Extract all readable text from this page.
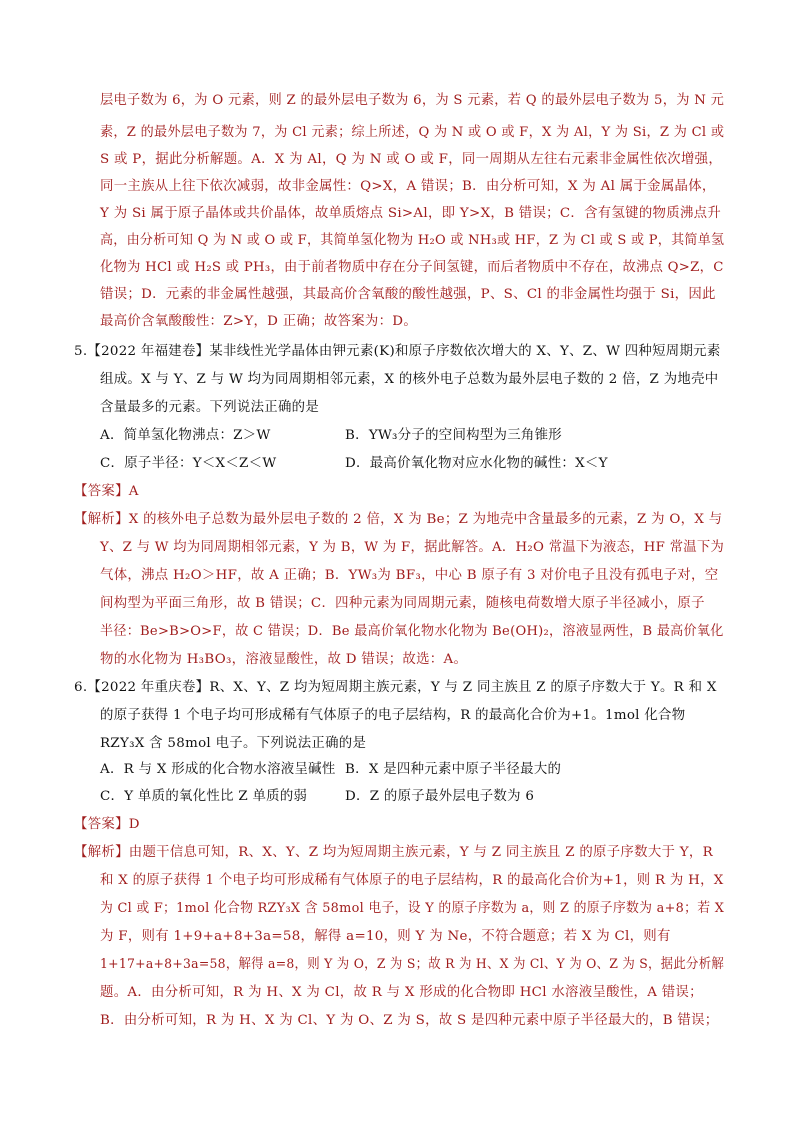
层电子数为 6，为 O 元素，则 Z 的最外层电子数为 6，为 S 元素，若 Q 的最外层电子数为 5，为 N 元
素，Z 的最外层电子数为 7，为 Cl 元素；综上所述，Q 为 N 或 O 或 F，X 为 Al，Y 为 Si，Z 为 Cl 或
S 或 P，据此分析解题。A．X 为 Al，Q 为 N 或 O 或 F，同一周期从左往右元素非金属性依次增强，
同一主族从上往下依次减弱，故非金属性：Q>X，A 错误；B．由分析可知，X 为 Al 属于金属晶体，
Y 为 Si 属于原子晶体或共价晶体，故单质熔点 Si>Al，即 Y>X，B 错误；C．含有氢键的物质沸点升
高，由分析可知 Q 为 N 或 O 或 F，其简单氢化物为 H₂O 或 NH₃或 HF，Z 为 Cl 或 S 或 P，其简单氢
化物为 HCl 或 H₂S 或 PH₃，由于前者物质中存在分子间氢键，而后者物质中不存在，故沸点 Q>Z，C
错误；D．元素的非金属性越强，其最高价含氧酸的酸性越强，P、S、Cl 的非金属性均强于 Si，因此
最高价含氧酸酸性：Z>Y，D 正确；故答案为：D。
5.【2022 年福建卷】某非线性光学晶体由钾元素(K)和原子序数依次增大的 X、Y、Z、W 四种短周期元素
组成。X 与 Y、Z 与 W 均为同周期相邻元素，X 的核外电子总数为最外层电子数的 2 倍，Z 为地壳中
含量最多的元素。下列说法正确的是
A．简单氢化物沸点：Z＞W	B．YW₃分子的空间构型为三角锥形
C．原子半径：Y＜X＜Z＜W	D．最高价氧化物对应水化物的碱性：X＜Y
【答案】A
【解析】X 的核外电子总数为最外层电子数的 2 倍，X 为 Be；Z 为地壳中含量最多的元素，Z 为 O，X 与
Y、Z 与 W 均为同周期相邻元素，Y 为 B，W 为 F，据此解答。A．H₂O 常温下为液态，HF 常温下为
气体，沸点 H₂O＞HF，故 A 正确；B．YW₃为 BF₃，中心 B 原子有 3 对价电子且没有孤电子对，空
间构型为平面三角形，故 B 错误；C．四种元素为同周期元素，随核电荷数增大原子半径减小，原子
半径：Be>B>O>F，故 C 错误；D．Be 最高价氧化物水化物为 Be(OH)₂，溶液显两性，B 最高价氧化
物的水化物为 H₃BO₃，溶液显酸性，故 D 错误；故选：A。
6.【2022 年重庆卷】R、X、Y、Z 均为短周期主族元素，Y 与 Z 同主族且 Z 的原子序数大于 Y。R 和 X
的原子获得 1 个电子均可形成稀有气体原子的电子层结构，R 的最高化合价为+1。1mol 化合物
RZY₃X 含 58mol 电子。下列说法正确的是
A．R 与 X 形成的化合物水溶液呈碱性 B．X 是四种元素中原子半径最大的
C．Y 单质的氧化性比 Z 单质的弱	D．Z 的原子最外层电子数为 6
【答案】D
【解析】由题干信息可知，R、X、Y、Z 均为短周期主族元素，Y 与 Z 同主族且 Z 的原子序数大于 Y，R
和 X 的原子获得 1 个电子均可形成稀有气体原子的电子层结构，R 的最高化合价为+1，则 R 为 H，X
为 Cl 或 F；1mol 化合物 RZY₃X 含 58mol 电子，设 Y 的原子序数为 a，则 Z 的原子序数为 a+8；若 X
为 F，则有 1+9+a+8+3a=58，解得 a=10，则 Y 为 Ne，不符合题意；若 X 为 Cl，则有
1+17+a+8+3a=58，解得 a=8，则 Y 为 O，Z 为 S；故 R 为 H、X 为 Cl、Y 为 O、Z 为 S，据此分析解
题。A．由分析可知，R 为 H、X 为 Cl，故 R 与 X 形成的化合物即 HCl 水溶液呈酸性，A 错误；
B．由分析可知，R 为 H、X 为 Cl、Y 为 O、Z 为 S，故 S 是四种元素中原子半径最大的，B 错误；
